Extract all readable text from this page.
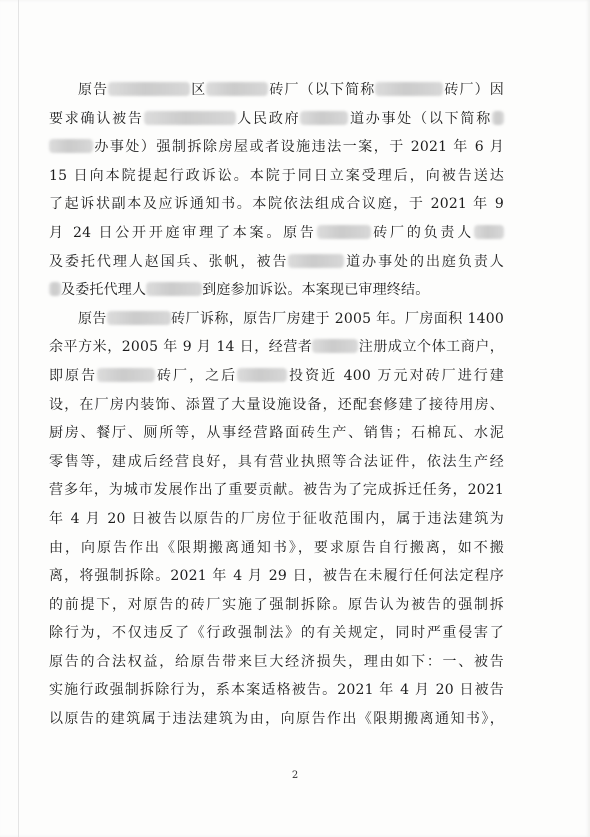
原告	区	砖厂（以下简称	砖厂）因
要求确认被告	人民政府	道办事处（以下简称
办事处）强制拆除房屋或者设施违法一案，于 2021 年 6 月
15 日向本院提起行政诉讼。本院于同日立案受理后，向被告送达
了起诉状副本及应诉通知书。本院依法组成合议庭，于 2021 年 9
月 24 日公开开庭审理了本案。原告	砖厂的负责人
及委托代理人赵国兵、张帆，被告	道办事处的出庭负责人
及委托代理人	到庭参加诉讼。本案现已审理终结。
原告	砖厂诉称，原告厂房建于 2005 年。厂房面积 1400
余平方米，2005 年 9 月 14 日，经营者	注册成立个体工商户，
即原告	砖厂，之后	投资近 400 万元对砖厂进行建
设，在厂房内装饰、添置了大量设施设备，还配套修建了接待用房、
厨房、餐厅、厕所等，从事经营路面砖生产、销售；石棉瓦、水泥
零售等，建成后经营良好，具有营业执照等合法证件，依法生产经
营多年，为城市发展作出了重要贡献。被告为了完成拆迁任务，2021
年 4 月 20 日被告以原告的厂房位于征收范围内，属于违法建筑为
由，向原告作出《限期搬离通知书》，要求原告自行搬离，如不搬
离，将强制拆除。2021 年 4 月 29 日，被告在未履行任何法定程序
的前提下，对原告的砖厂实施了强制拆除。原告认为被告的强制拆
除行为，不仅违反了《行政强制法》的有关规定，同时严重侵害了
原告的合法权益，给原告带来巨大经济损失，理由如下：一、被告
实施行政强制拆除行为，系本案适格被告。2021 年 4 月 20 日被告
以原告的建筑属于违法建筑为由，向原告作出《限期搬离通知书》，
2
